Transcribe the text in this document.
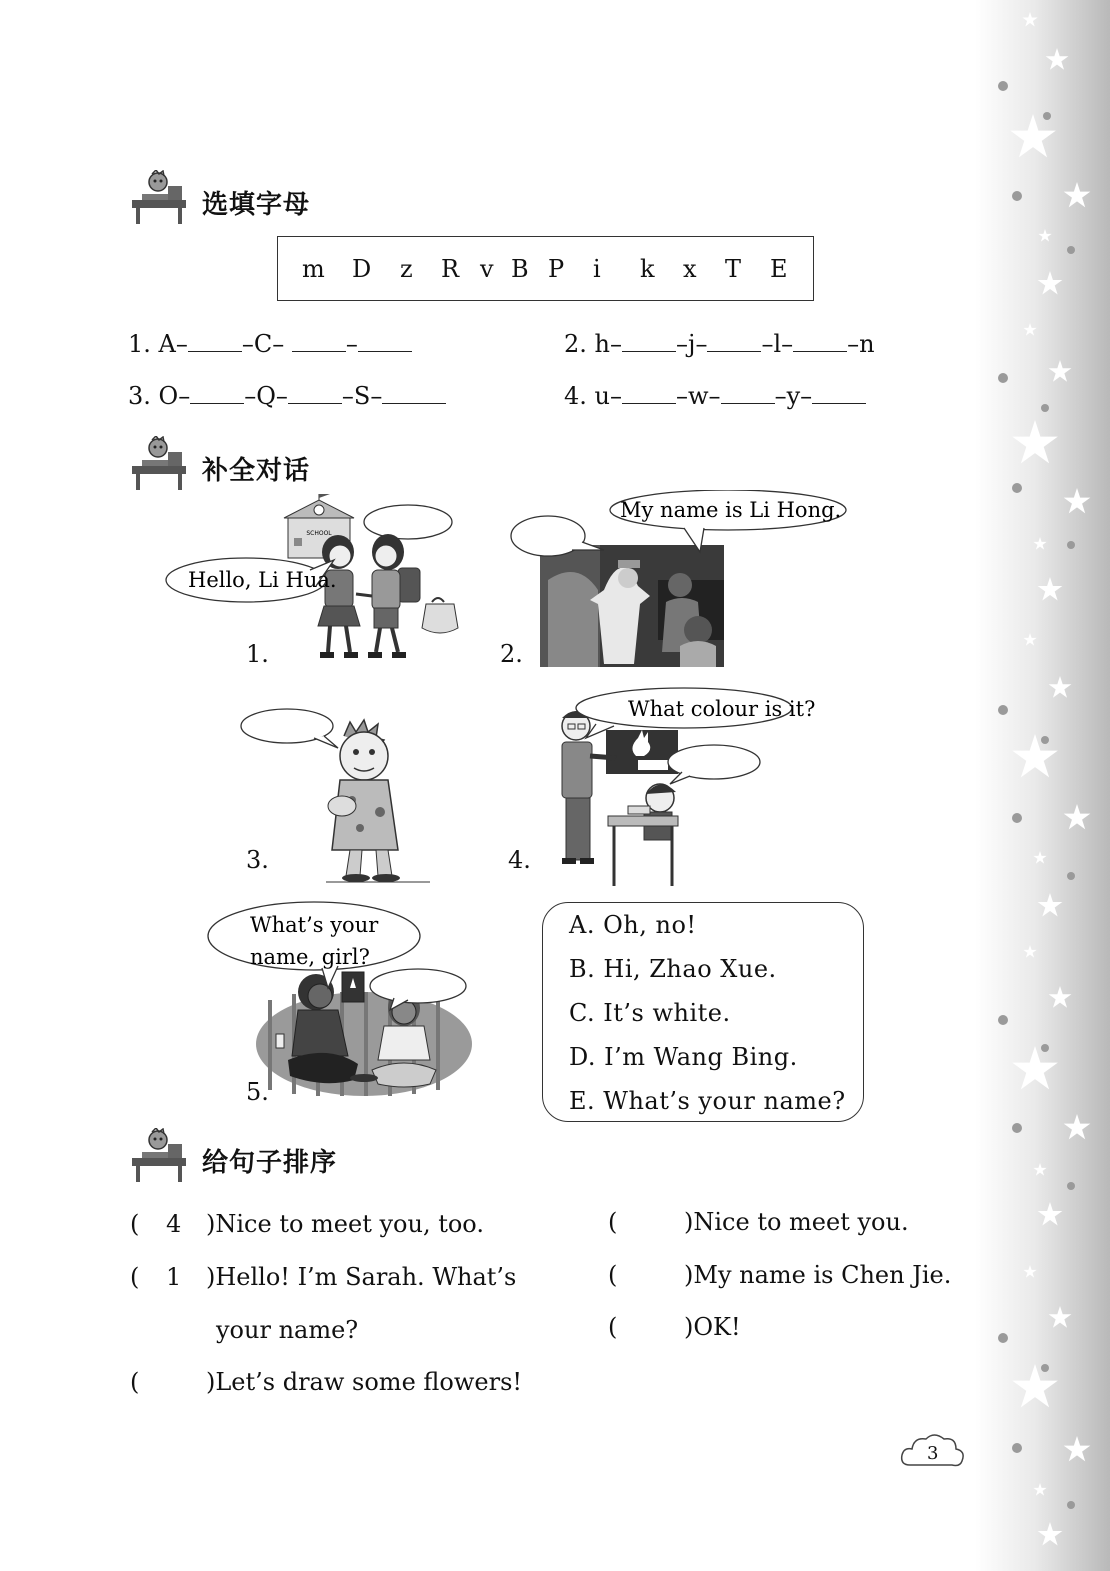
选填字母
m D z R v B P i k x T E
1. A– –C–	–	2. h– –j– –l– –n
3. O– –Q– –S–	4. u– –w– –y–
补全对话
SCHOOL
Hello, Li Hua.
1.
My name is Li Hong.
2.
3.
What colour is it?
4.
What’s your
name, girl?
5.
A. Oh, no!
B. Hi, Zhao Xue.
C. It’s white.
D. I’m Wang Bing.
E. What’s your name?
给句子排序
( 4 )Nice to meet you, too.
( 1 )Hello! I’m Sarah. What’s
your name?
(	)Let’s draw some flowers!
(	)Nice to meet you.
(	)My name is Chen Jie.
(	)OK!
3
